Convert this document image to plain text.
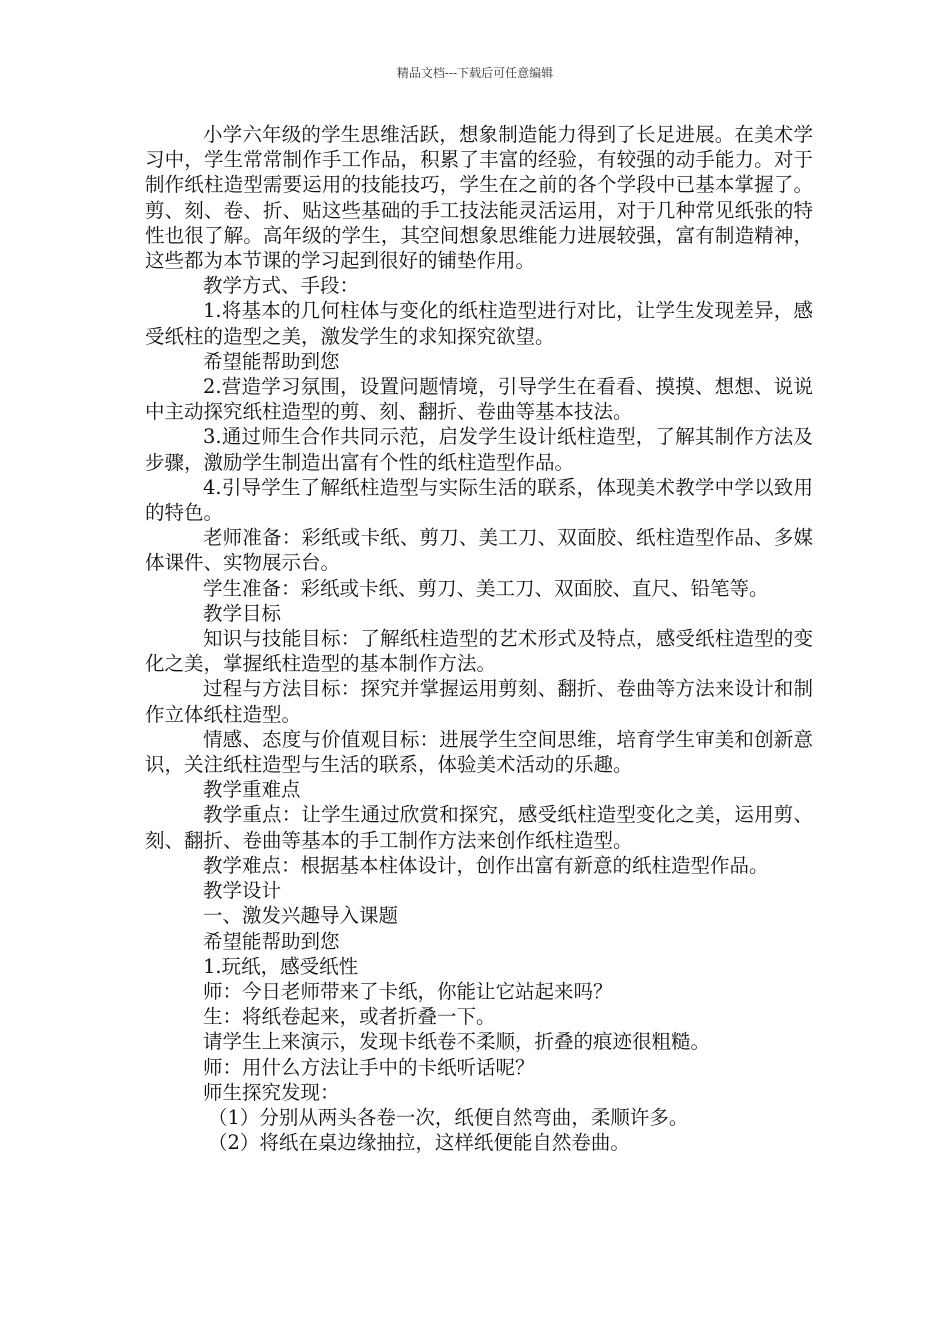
精品文档---下载后可任意编辑

小学六年级的学生思维活跃，想象制造能力得到了长足进展。在美术学习中，学生常常制作手工作品，积累了丰富的经验，有较强的动手能力。对于制作纸柱造型需要运用的技能技巧，学生在之前的各个学段中已基本掌握了。剪、刻、卷、折、贴这些基础的手工技法能灵活运用，对于几种常见纸张的特性也很了解。高年级的学生，其空间想象思维能力进展较强，富有制造精神，这些都为本节课的学习起到很好的铺垫作用。

教学方式、手段：

1.将基本的几何柱体与变化的纸柱造型进行对比，让学生发现差异，感受纸柱的造型之美，激发学生的求知探究欲望。

希望能帮助到您

2.营造学习氛围，设置问题情境，引导学生在看看、摸摸、想想、说说中主动探究纸柱造型的剪、刻、翻折、卷曲等基本技法。

3.通过师生合作共同示范，启发学生设计纸柱造型，了解其制作方法及步骤，激励学生制造出富有个性的纸柱造型作品。

4.引导学生了解纸柱造型与实际生活的联系，体现美术教学中学以致用的特色。

老师准备：彩纸或卡纸、剪刀、美工刀、双面胶、纸柱造型作品、多媒体课件、实物展示台。

学生准备：彩纸或卡纸、剪刀、美工刀、双面胶、直尺、铅笔等。

教学目标

知识与技能目标：了解纸柱造型的艺术形式及特点，感受纸柱造型的变化之美，掌握纸柱造型的基本制作方法。

过程与方法目标：探究并掌握运用剪刻、翻折、卷曲等方法来设计和制作立体纸柱造型。

情感、态度与价值观目标：进展学生空间思维，培育学生审美和创新意识，关注纸柱造型与生活的联系，体验美术活动的乐趣。

教学重难点

教学重点：让学生通过欣赏和探究，感受纸柱造型变化之美，运用剪、刻、翻折、卷曲等基本的手工制作方法来创作纸柱造型。

教学难点：根据基本柱体设计，创作出富有新意的纸柱造型作品。

教学设计

一、激发兴趣导入课题

希望能帮助到您

1.玩纸，感受纸性

师：今日老师带来了卡纸，你能让它站起来吗？

生：将纸卷起来，或者折叠一下。

请学生上来演示，发现卡纸卷不柔顺，折叠的痕迹很粗糙。

师：用什么方法让手中的卡纸听话呢？

师生探究发现：

（1）分别从两头各卷一次，纸便自然弯曲，柔顺许多。

（2）将纸在桌边缘抽拉，这样纸便能自然卷曲。
